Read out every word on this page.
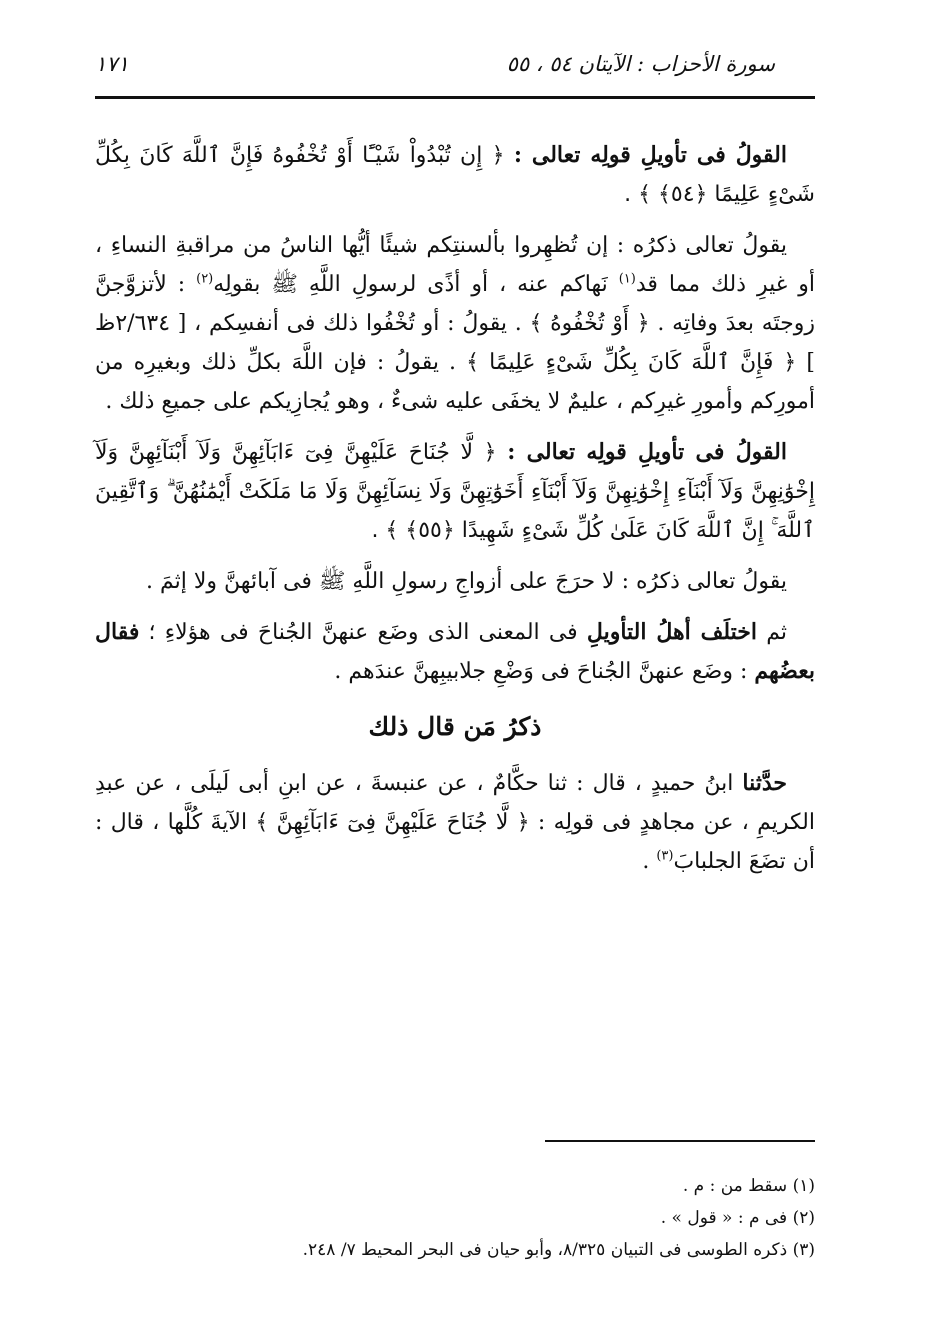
سورة الأحزاب : الآيتان ٥٤ ، ٥٥
١٧١

القولُ فى تأويلِ قولِه تعالى : ﴿ إِن تُبْدُواْ شَيْـًٔا أَوْ تُخْفُوهُ فَإِنَّ ٱللَّهَ كَانَ بِكُلِّ شَىْءٍ عَلِيمًا ﴿٥٤﴾ ﴾ .

يقولُ تعالى ذكرُه : إن تُظهِروا بألسنتِكم شيئًا أيُّها الناسُ من مراقبةِ النساءِ ، أو غيرِ ذلك مما قد$^{(١)}$ نَهاكم عنه ، أو أذًى لرسولِ اللَّهِ ﷺ بقولِه$^{(٢)}$ : لأتزوَّجنَّ زوجتَه بعدَ وفاتِه . ﴿ أَوْ تُخْفُوهُ ﴾ . يقولُ : أو تُخْفُوا ذلك فى أنفسِكم ، [ ٢/٦٣٤ظ ] ﴿ فَإِنَّ ٱللَّهَ كَانَ بِكُلِّ شَىْءٍ عَلِيمًا ﴾ . يقولُ : فإن اللَّهَ بكلِّ ذلك وبغيرِه من أمورِكم وأمورِ غيرِكم ، عليمٌ لا يخفَى عليه شىءٌ ، وهو يُجازِيكم على جميعِ ذلك .

القولُ فى تأويلِ قولِه تعالى : ﴿ لَّا جُنَاحَ عَلَيْهِنَّ فِىٓ ءَابَآئِهِنَّ وَلَآ أَبْنَآئِهِنَّ وَلَآ إِخْوَٰنِهِنَّ وَلَآ أَبْنَآءِ إِخْوَٰنِهِنَّ وَلَآ أَبْنَآءِ أَخَوَٰتِهِنَّ وَلَا نِسَآئِهِنَّ وَلَا مَا مَلَكَتْ أَيْمَٰنُهُنَّ ۗ وَٱتَّقِينَ ٱللَّهَ ۚ إِنَّ ٱللَّهَ كَانَ عَلَىٰ كُلِّ شَىْءٍ شَهِيدًا ﴿٥٥﴾ ﴾ .

يقولُ تعالى ذكرُه : لا حرَجَ على أزواجِ رسولِ اللَّهِ ﷺ فى آبائهنَّ ولا إثمَ .

ثم اختلَف أهلُ التأويلِ فى المعنى الذى وضَع عنهنَّ الجُناحَ فى هؤلاءِ ؛ فقال بعضُهم : وضَع عنهنَّ الجُناحَ فى وَضْعِ جلابيبِهنَّ عندَهم .

ذكرُ مَن قال ذلك

حدَّثنا ابنُ حميدٍ ، قال : ثنا حكَّامٌ ، عن عنبسةَ ، عن ابنِ أبى لَيلَى ، عن عبدِ الكريمِ ، عن مجاهدٍ فى قولِه : ﴿ لَّا جُنَاحَ عَلَيْهِنَّ فِىٓ ءَابَآئِهِنَّ ﴾ الآيةَ كُلَّها ، قال : أن تضَعَ الجلبابَ$^{(٣)}$ .

(١) سقط من : م .
(٢) فى م : « قول » .
(٣) ذكره الطوسى فى التبيان ٨/٣٢٥، وأبو حيان فى البحر المحيط ٧/ ٢٤٨.
